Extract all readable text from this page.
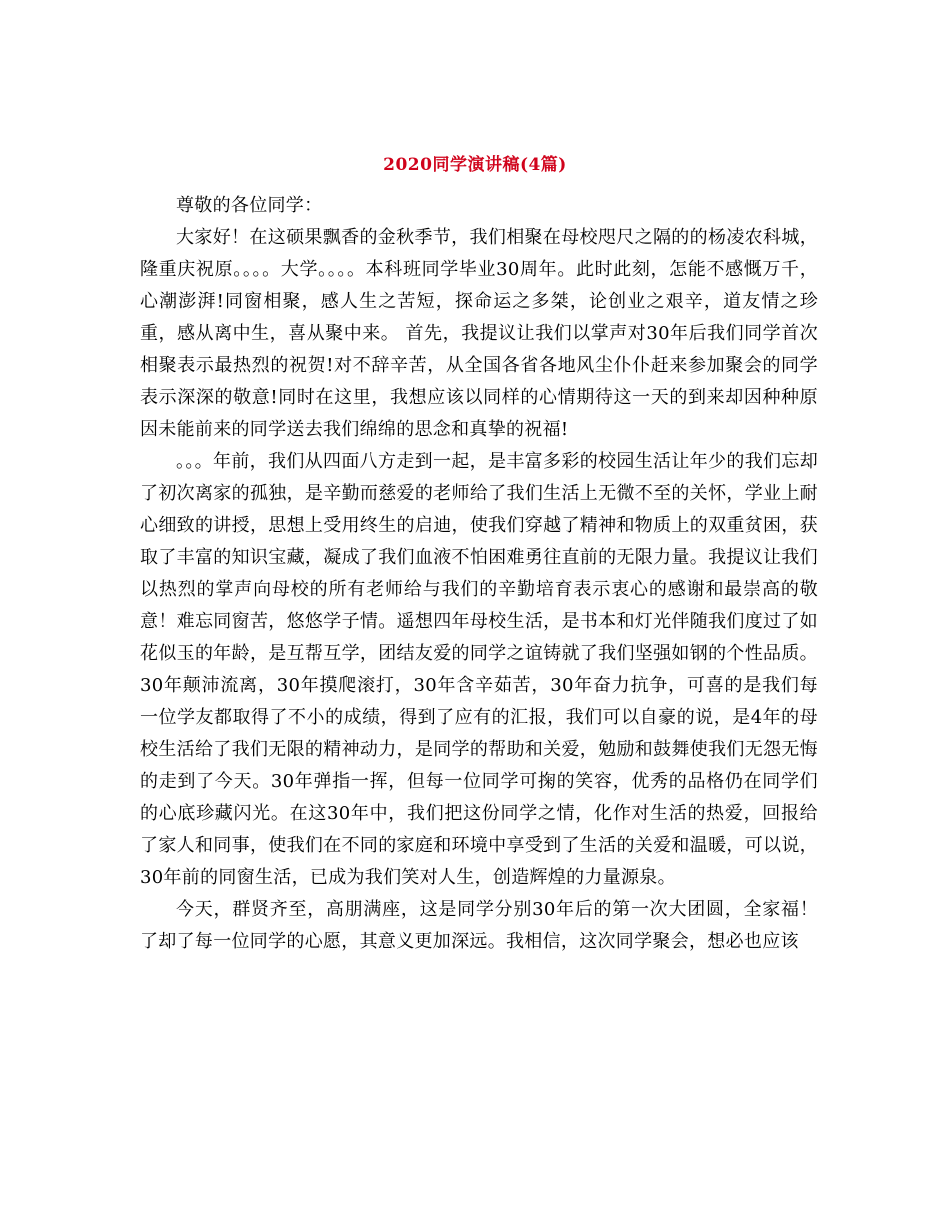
2020同学演讲稿(4篇)

尊敬的各位同学：

大家好！在这硕果飘香的金秋季节，我们相聚在母校咫尺之隔的的杨凌农科城，隆重庆祝原。。。。大学。。。。本科班同学毕业30周年。此时此刻，怎能不感慨万千，心潮澎湃!同窗相聚，感人生之苦短，探命运之多桀，论创业之艰辛，道友情之珍重，感从离中生，喜从聚中来。 首先，我提议让我们以掌声对30年后我们同学首次相聚表示最热烈的祝贺!对不辞辛苦，从全国各省各地风尘仆仆赶来参加聚会的同学表示深深的敬意!同时在这里，我想应该以同样的心情期待这一天的到来却因种种原因未能前来的同学送去我们绵绵的思念和真挚的祝福!

。。。年前，我们从四面八方走到一起，是丰富多彩的校园生活让年少的我们忘却了初次离家的孤独，是辛勤而慈爱的老师给了我们生活上无微不至的关怀，学业上耐心细致的讲授，思想上受用终生的启迪，使我们穿越了精神和物质上的双重贫困，获取了丰富的知识宝藏，凝成了我们血液不怕困难勇往直前的无限力量。我提议让我们以热烈的掌声向母校的所有老师给与我们的辛勤培育表示衷心的感谢和最崇高的敬意！难忘同窗苦，悠悠学子情。遥想四年母校生活，是书本和灯光伴随我们度过了如花似玉的年龄，是互帮互学，团结友爱的同学之谊铸就了我们坚强如钢的个性品质。30年颠沛流离，30年摸爬滚打，30年含辛茹苦，30年奋力抗争，可喜的是我们每一位学友都取得了不小的成绩，得到了应有的汇报，我们可以自豪的说，是4年的母校生活给了我们无限的精神动力，是同学的帮助和关爱，勉励和鼓舞使我们无怨无悔的走到了今天。30年弹指一挥，但每一位同学可掬的笑容，优秀的品格仍在同学们的心底珍藏闪光。在这30年中，我们把这份同学之情，化作对生活的热爱，回报给了家人和同事，使我们在不同的家庭和环境中享受到了生活的关爱和温暖，可以说，30年前的同窗生活，已成为我们笑对人生，创造辉煌的力量源泉。

今天，群贤齐至，高朋满座，这是同学分别30年后的第一次大团圆，全家福！了却了每一位同学的心愿，其意义更加深远。我相信，这次同学聚会，想必也应该
